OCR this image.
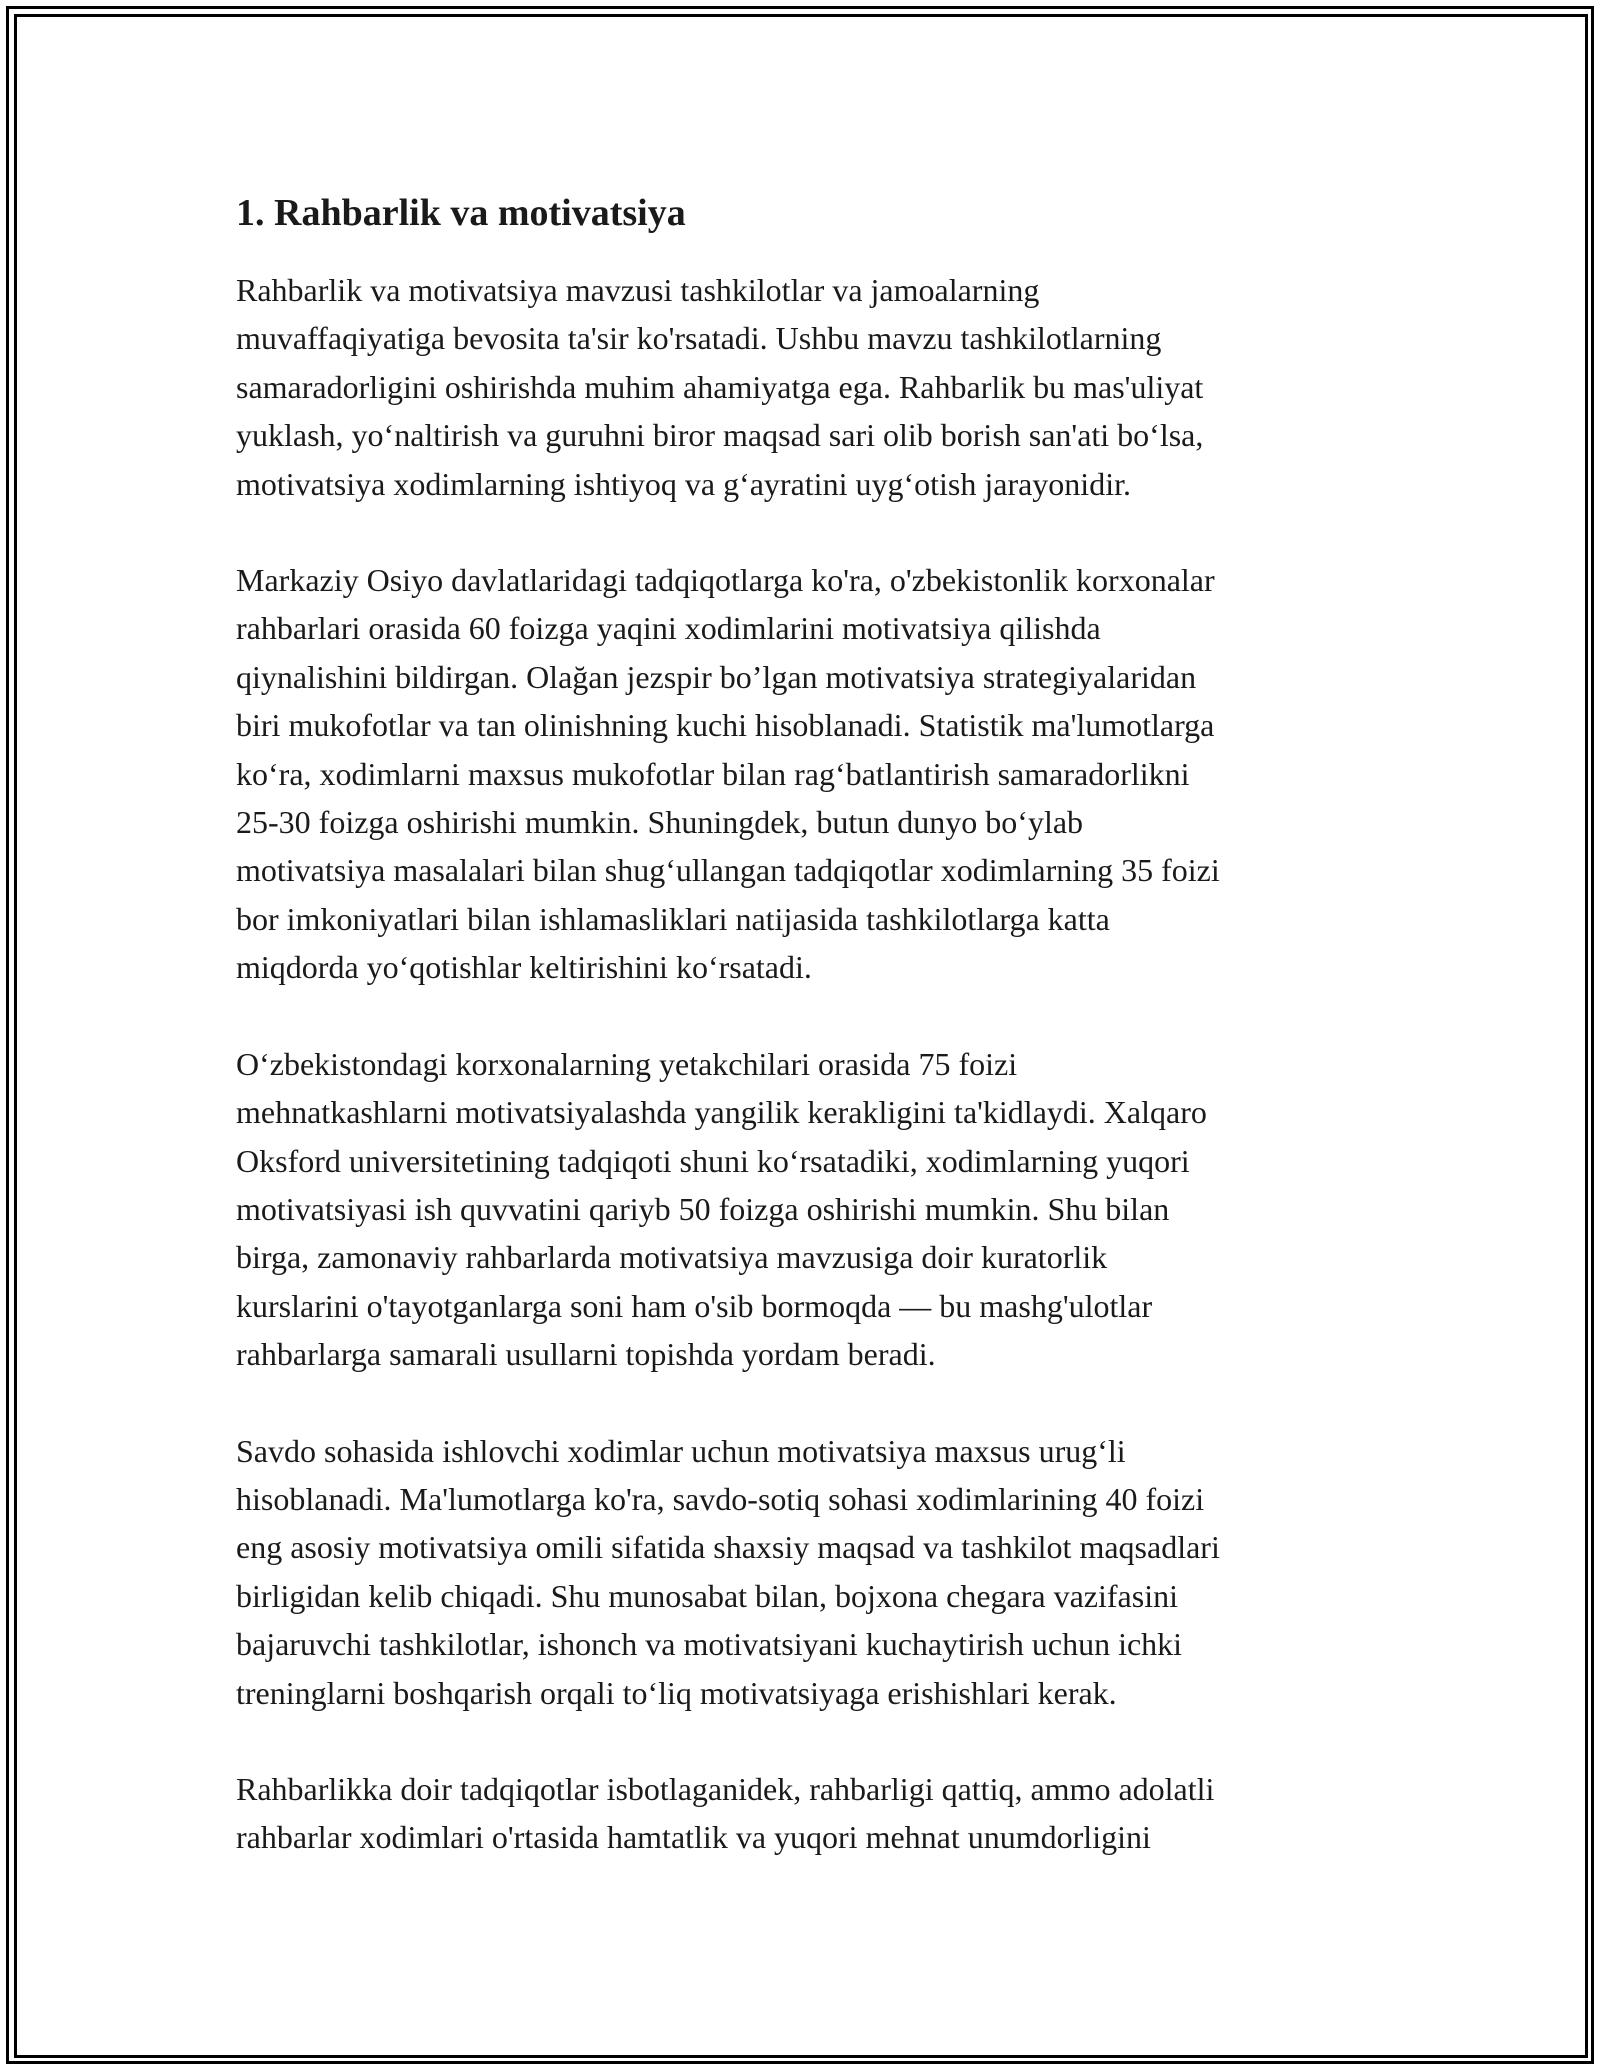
1. Rahbarlik va motivatsiya

Rahbarlik va motivatsiya mavzusi tashkilotlar va jamoalarning
muvaffaqiyatiga bevosita ta'sir ko'rsatadi. Ushbu mavzu tashkilotlarning
samaradorligini oshirishda muhim ahamiyatga ega. Rahbarlik bu mas'uliyat
yuklash, yo‘naltirish va guruhni biror maqsad sari olib borish san'ati bo‘lsa,
motivatsiya xodimlarning ishtiyoq va g‘ayratini uyg‘otish jarayonidir.

Markaziy Osiyo davlatlaridagi tadqiqotlarga ko'ra, o'zbekistonlik korxonalar
rahbarlari orasida 60 foizga yaqini xodimlarini motivatsiya qilishda
qiynalishini bildirgan. Olağan jezspir bo’lgan motivatsiya strategiyalaridan
biri mukofotlar va tan olinishning kuchi hisoblanadi. Statistik ma'lumotlarga
ko‘ra, xodimlarni maxsus mukofotlar bilan rag‘batlantirish samaradorlikni
25-30 foizga oshirishi mumkin. Shuningdek, butun dunyo bo‘ylab
motivatsiya masalalari bilan shug‘ullangan tadqiqotlar xodimlarning 35 foizi
bor imkoniyatlari bilan ishlamasliklari natijasida tashkilotlarga katta
miqdorda yo‘qotishlar keltirishini ko‘rsatadi.

O‘zbekistondagi korxonalarning yetakchilari orasida 75 foizi
mehnatkashlarni motivatsiyalashda yangilik kerakligini ta'kidlaydi. Xalqaro
Oksford universitetining tadqiqoti shuni ko‘rsatadiki, xodimlarning yuqori
motivatsiyasi ish quvvatini qariyb 50 foizga oshirishi mumkin. Shu bilan
birga, zamonaviy rahbarlarda motivatsiya mavzusiga doir kuratorlik
kurslarini o'tayotganlarga soni ham o'sib bormoqda — bu mashg'ulotlar
rahbarlarga samarali usullarni topishda yordam beradi.

Savdo sohasida ishlovchi xodimlar uchun motivatsiya maxsus urug‘li
hisoblanadi. Ma'lumotlarga ko'ra, savdo-sotiq sohasi xodimlarining 40 foizi
eng asosiy motivatsiya omili sifatida shaxsiy maqsad va tashkilot maqsadlari
birligidan kelib chiqadi. Shu munosabat bilan, bojxona chegara vazifasini
bajaruvchi tashkilotlar, ishonch va motivatsiyani kuchaytirish uchun ichki
treninglarni boshqarish orqali to‘liq motivatsiyaga erishishlari kerak.

Rahbarlikka doir tadqiqotlar isbotlaganidek, rahbarligi qattiq, ammo adolatli
rahbarlar xodimlari o'rtasida hamtatlik va yuqori mehnat unumdorligini
